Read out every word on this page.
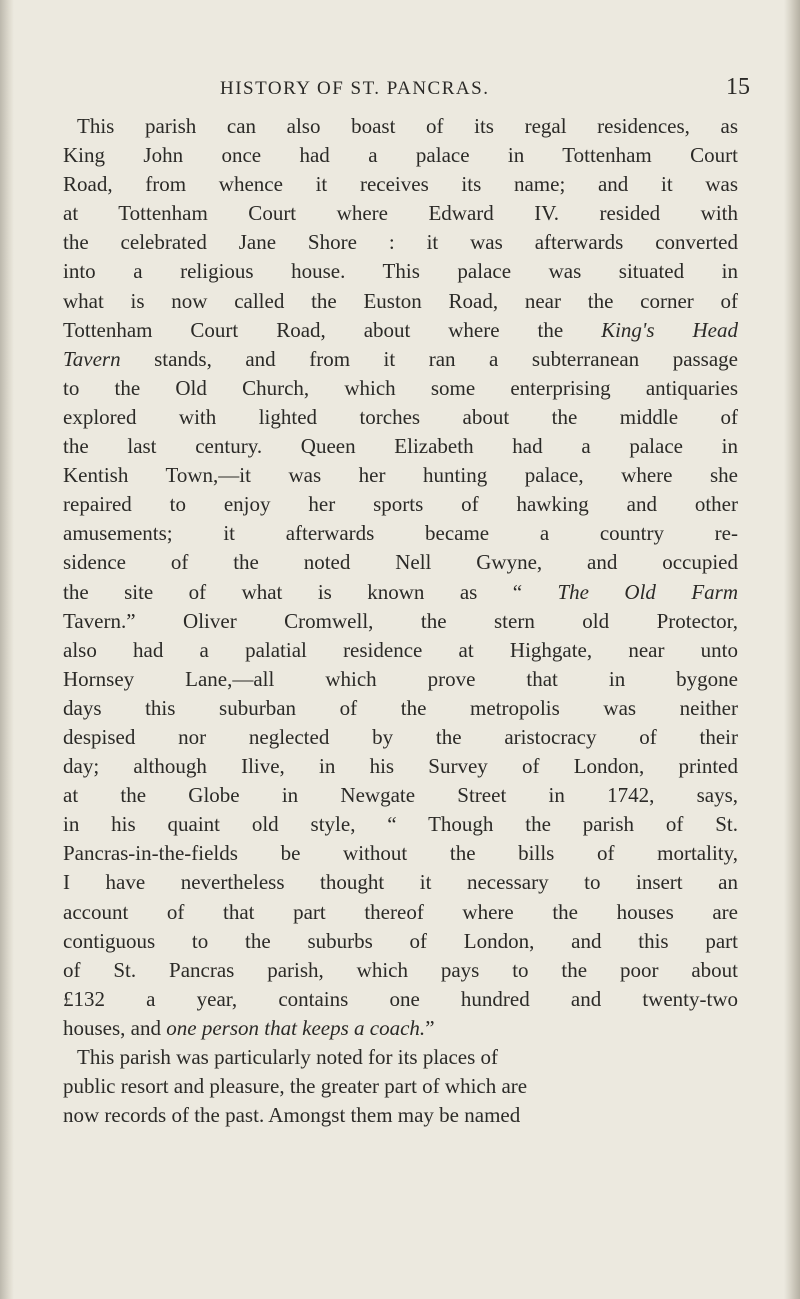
HISTORY OF ST. PANCRAS.	15
This parish can also boast of its regal residences, as
King John once had a palace in Tottenham Court
Road, from whence it receives its name; and it was
at Tottenham Court where Edward IV. resided with
the celebrated Jane Shore : it was afterwards converted
into a religious house. This palace was situated in
what is now called the Euston Road, near the corner of
Tottenham Court Road, about where the King's Head
Tavern stands, and from it ran a subterranean passage
to the Old Church, which some enterprising antiquaries
explored with lighted torches about the middle of
the last century. Queen Elizabeth had a palace in
Kentish Town,—it was her hunting palace, where she
repaired to enjoy her sports of hawking and other
amusements; it afterwards became a country re-
sidence of the noted Nell Gwyne, and occupied
the site of what is known as “ The Old Farm
Tavern.” Oliver Cromwell, the stern old Protector,
also had a palatial residence at Highgate, near unto
Hornsey Lane,—all which prove that in bygone
days this suburban of the metropolis was neither
despised nor neglected by the aristocracy of their
day; although Ilive, in his Survey of London, printed
at the Globe in Newgate Street in 1742, says,
in his quaint old style, “ Though the parish of St.
Pancras-in-the-fields be without the bills of mortality,
I have nevertheless thought it necessary to insert an
account of that part thereof where the houses are
contiguous to the suburbs of London, and this part
of St. Pancras parish, which pays to the poor about
£132 a year, contains one hundred and twenty-two
houses, and one person that keeps a coach.”
This parish was particularly noted for its places of
public resort and pleasure, the greater part of which are
now records of the past. Amongst them may be named
